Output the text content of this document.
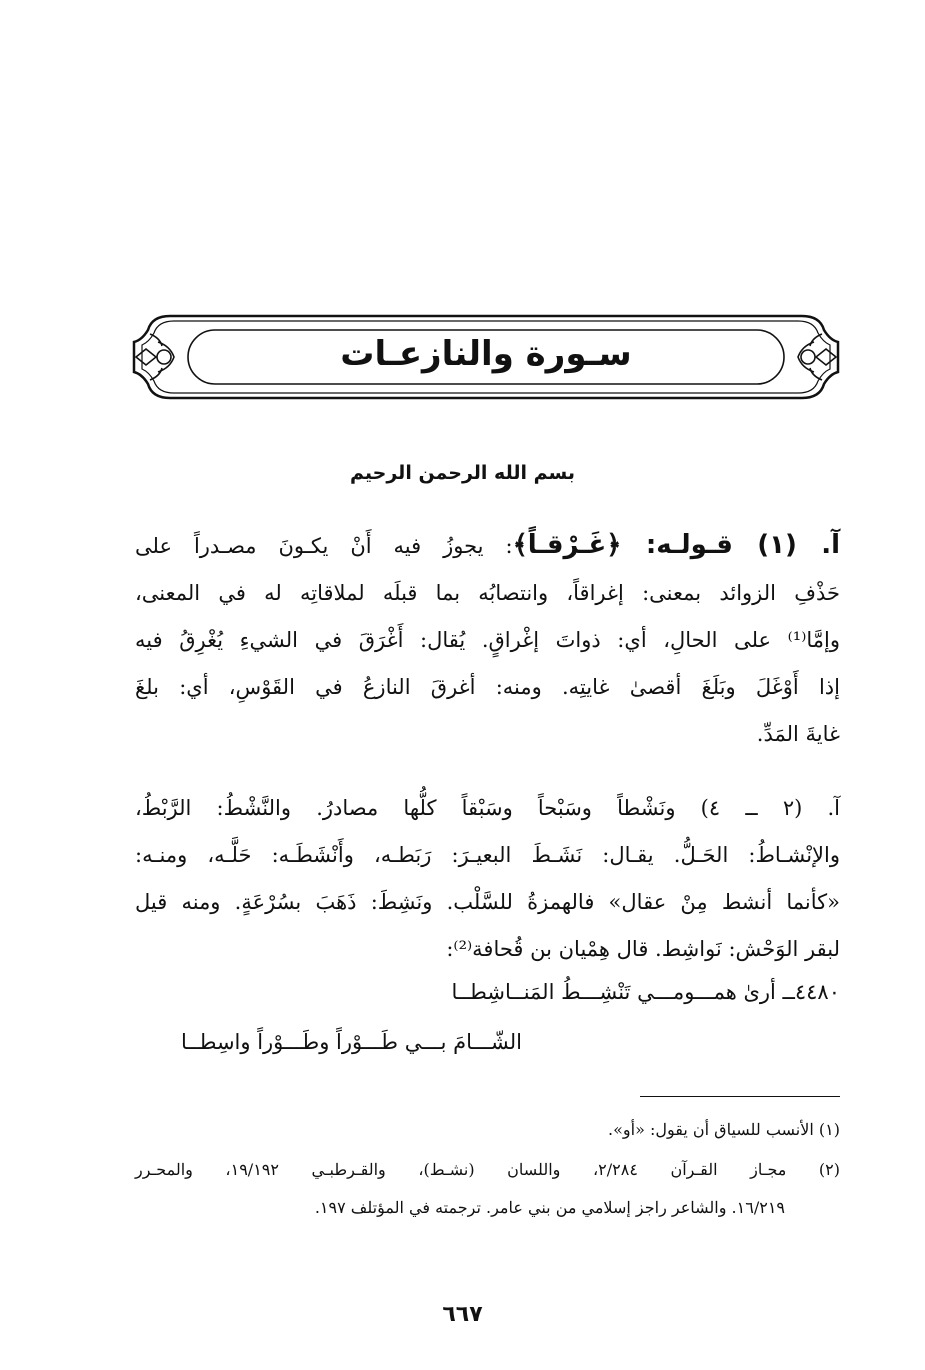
سـورة والنازعـات
بسم الله الرحمن الرحيم
آ. (١) قـولـه: ﴿غَـرْقـاً﴾: يجوزُ فيه أَنْ يكـونَ مصـدراً على
حَذْفِ الزوائد بمعنى: إغراقاً، وانتصابُه بما قبلَه لملاقاتِه له في المعنى،
وإمَّا⁽¹⁾ على الحالِ، أي: ذواتَ إغْراقٍ. يُقال: أَغْرَقَ في الشيءِ يُغْرِقُ فيه
إذا أَوْغَلَ وبَلَغَ أقصىٰ غايتِه. ومنه: أغرقَ النازعُ في القَوْسِ، أي: بلغَ
غايةَ المَدِّ.
آ. (٢ ــ ٤) ونَشْطاً وسَبْحاً وسَبْقاً كلُّها مصادرُ. والنَّشْطُ: الرَّبْطُ،
والإنْشـاطُ: الحَـلُّ. يقـال: نَشَـطَ البعيـرَ: رَبَطـه، وأَنْشَطَـه: حَلَّـه، ومنـه:
«كأنما أنشط مِنْ عقال» فالهمزةُ للسَّلْب. ونَشِطَ: ذَهَبَ بسُرْعَةٍ. ومنه قيل
لبقر الوَحْش: نَواشِط. قال هِمْيان بن قُحافة⁽²⁾:
٤٤٨٠ــ أرىٰ همـــومـــي تَنْشِـــطُ المَنــاشِطــا
الشّـــامَ بـــي طَـــوْراً وطَـــوْراً واسِطــا
(١) الأنسب للسياق أن يقول: «أو».
(٢) مجـاز القـرآن ٢/٢٨٤، واللسان (نشـط)، والقـرطبـي ١٩/١٩٢، والمحـرر
١٦/٢١٩. والشاعر راجز إسلامي من بني عامر. ترجمته في المؤتلف ١٩٧.
٦٦٧
